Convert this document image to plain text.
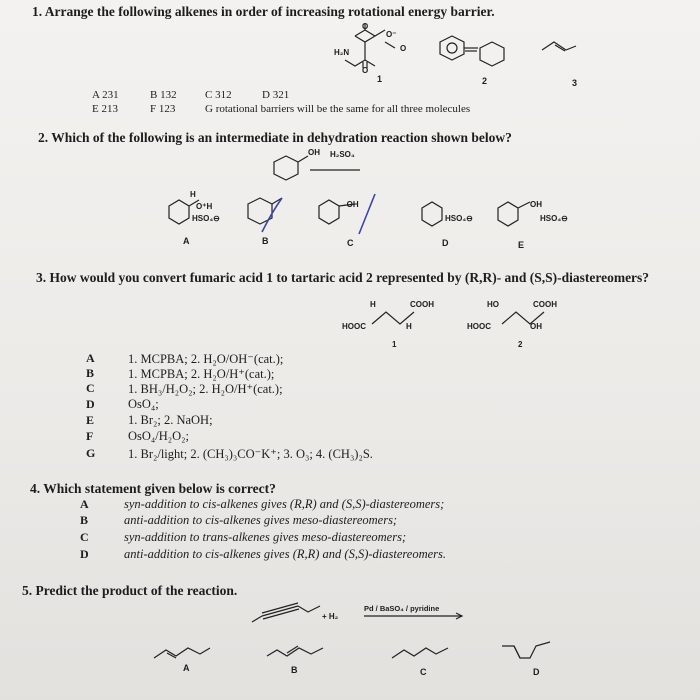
1. Arrange the following alkenes in order of increasing rotational energy barrier.
H₂N
O
O⁻
O
O
1	2	3
A 231	B 132	C 312	D 321
E 213	F 123	G rotational barriers will be the same for all three molecules
2. Which of the following is an intermediate in dehydration reaction shown below?
OH H₂SO₄
H
O⁺H
HSO₄⊖
-OH
HSO₄⊖
OH
HSO₄⊖
A	B	C	D	E
3. How would you convert fumaric acid 1 to tartaric acid 2 represented by (R,R)- and (S,S)-diastereomers?
H	COOH
HOOC	H
1
HO	COOH
HOOC	OH
2
A	1. MCPBA; 2. H₂O/OH⁻(cat.);
B	1. MCPBA; 2. H₂O/H⁺(cat.);
C	1. BH₃/H₂O₂; 2. H₂O/H⁺(cat.);
D	OsO₄;
E	1. Br₂; 2. NaOH;
F	OsO₄/H₂O₂;
G	1. Br₂/light; 2. (CH₃)₃CO⁻K⁺; 3. O₃; 4. (CH₃)₂S.
4. Which statement given below is correct?
A	syn-addition to cis-alkenes gives (R,R) and (S,S)-diastereomers;
B	anti-addition to cis-alkenes gives meso-diastereomers;
C	syn-addition to trans-alkenes gives meso-diastereomers;
D	anti-addition to cis-alkenes gives (R,R) and (S,S)-diastereomers.
5. Predict the product of the reaction.
+ H₂
Pd / BaSO₄ / pyridine
A	B	C	D
